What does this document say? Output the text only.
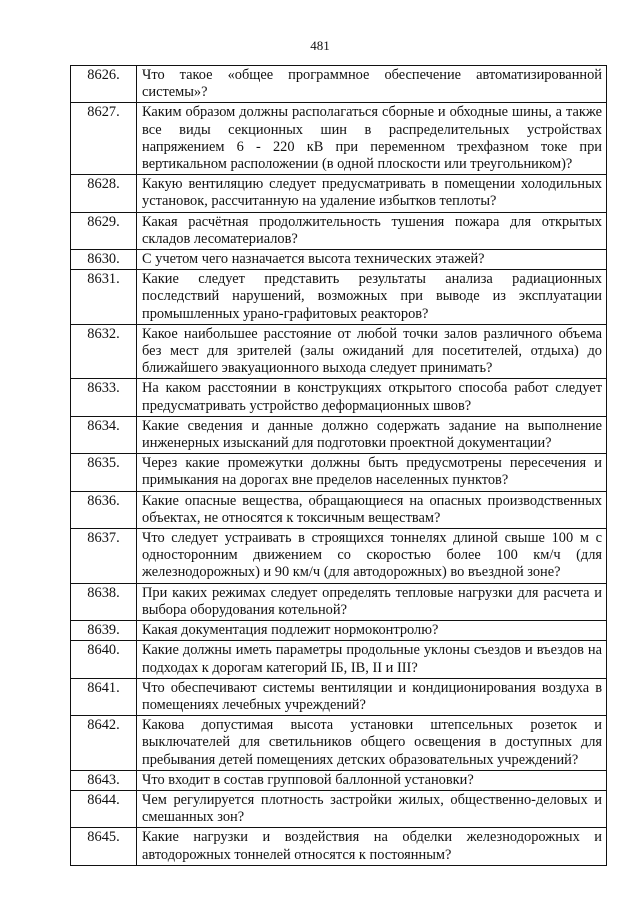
481
8626.	Что такое «общее программное обеспечение автоматизированной системы»?
8627.	Каким образом должны располагаться сборные и обходные шины, а также все виды секционных шин в распределительных устройствах напряжением 6 - 220 кВ при переменном трехфазном токе при вертикальном расположении (в одной плоскости или треугольником)?
8628.	Какую вентиляцию следует предусматривать в помещении холодильных установок, рассчитанную на удаление избытков теплоты?
8629.	Какая расчётная продолжительность тушения пожара для открытых складов лесоматериалов?
8630.	С учетом чего назначается высота технических этажей?
8631.	Какие следует представить результаты анализа радиационных последствий нарушений, возможных при выводе из эксплуатации промышленных урано-графитовых реакторов?
8632.	Какое наибольшее расстояние от любой точки залов различного объема без мест для зрителей (залы ожиданий для посетителей, отдыха) до ближайшего эвакуационного выхода следует принимать?
8633.	На каком расстоянии в конструкциях открытого способа работ следует предусматривать устройство деформационных швов?
8634.	Какие сведения и данные должно содержать задание на выполнение инженерных изысканий для подготовки проектной документации?
8635.	Через какие промежутки должны быть предусмотрены пересечения и примыкания на дорогах вне пределов населенных пунктов?
8636.	Какие опасные вещества, обращающиеся на опасных производственных объектах, не относятся к токсичным веществам?
8637.	Что следует устраивать в строящихся тоннелях длиной свыше 100 м с односторонним движением со скоростью более 100 км/ч (для железнодорожных) и 90 км/ч (для автодорожных) во въездной зоне?
8638.	При каких режимах следует определять тепловые нагрузки для расчета и выбора оборудования котельной?
8639.	Какая документация подлежит нормоконтролю?
8640.	Какие должны иметь параметры продольные уклоны съездов и въездов на подходах к дорогам категорий IБ, IВ, II и III?
8641.	Что обеспечивают системы вентиляции и кондиционирования воздуха в помещениях лечебных учреждений?
8642.	Какова допустимая высота установки штепсельных розеток и выключателей для светильников общего освещения в доступных для пребывания детей помещениях детских образовательных учреждений?
8643.	Что входит в состав групповой баллонной установки?
8644.	Чем регулируется плотность застройки жилых, общественно-деловых и смешанных зон?
8645.	Какие нагрузки и воздействия на обделки железнодорожных и автодорожных тоннелей относятся к постоянным?
